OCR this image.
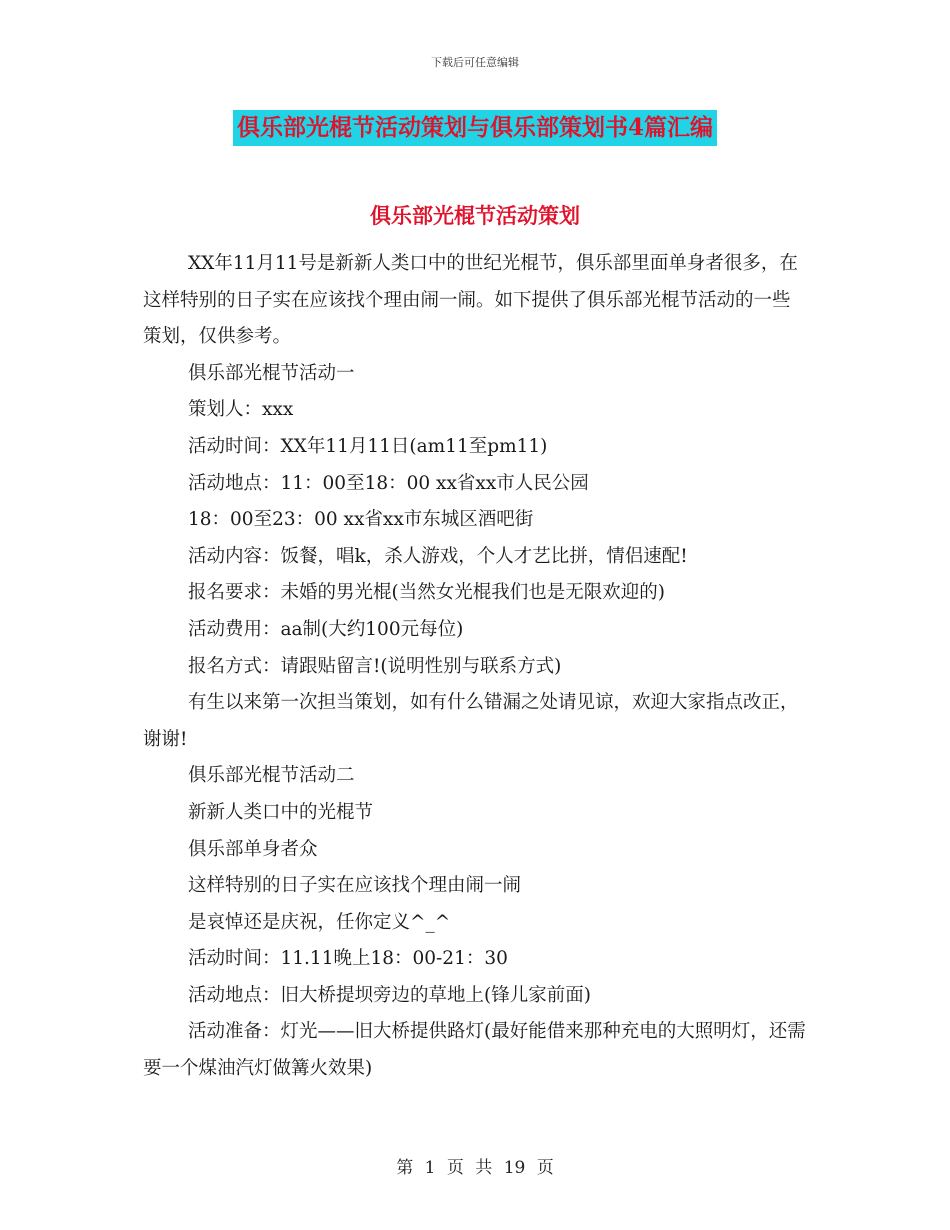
下载后可任意编辑
俱乐部光棍节活动策划与俱乐部策划书4篇汇编
俱乐部光棍节活动策划

XX年11月11号是新新人类口中的世纪光棍节，俱乐部里面单身者很多，在这样特别的日子实在应该找个理由闹一闹。如下提供了俱乐部光棍节活动的一些策划，仅供参考。

俱乐部光棍节活动一

策划人：xxx

活动时间：XX年11月11日(am11至pm11)

活动地点：11：00至18：00 xx省xx市人民公园

18：00至23：00 xx省xx市东城区酒吧街

活动内容：饭餐，唱k，杀人游戏，个人才艺比拼，情侣速配!

报名要求：未婚的男光棍(当然女光棍我们也是无限欢迎的)

活动费用：aa制(大约100元每位)

报名方式：请跟贴留言!(说明性别与联系方式)

有生以来第一次担当策划，如有什么错漏之处请见谅，欢迎大家指点改正，谢谢!

俱乐部光棍节活动二

新新人类口中的光棍节

俱乐部单身者众

这样特别的日子实在应该找个理由闹一闹

是哀悼还是庆祝，任你定义^_^

活动时间：11.11晚上18：00-21：30

活动地点：旧大桥提坝旁边的草地上(锋儿家前面)

活动准备：灯光——旧大桥提供路灯(最好能借来那种充电的大照明灯，还需要一个煤油汽灯做篝火效果)

第 1 页 共 19 页
